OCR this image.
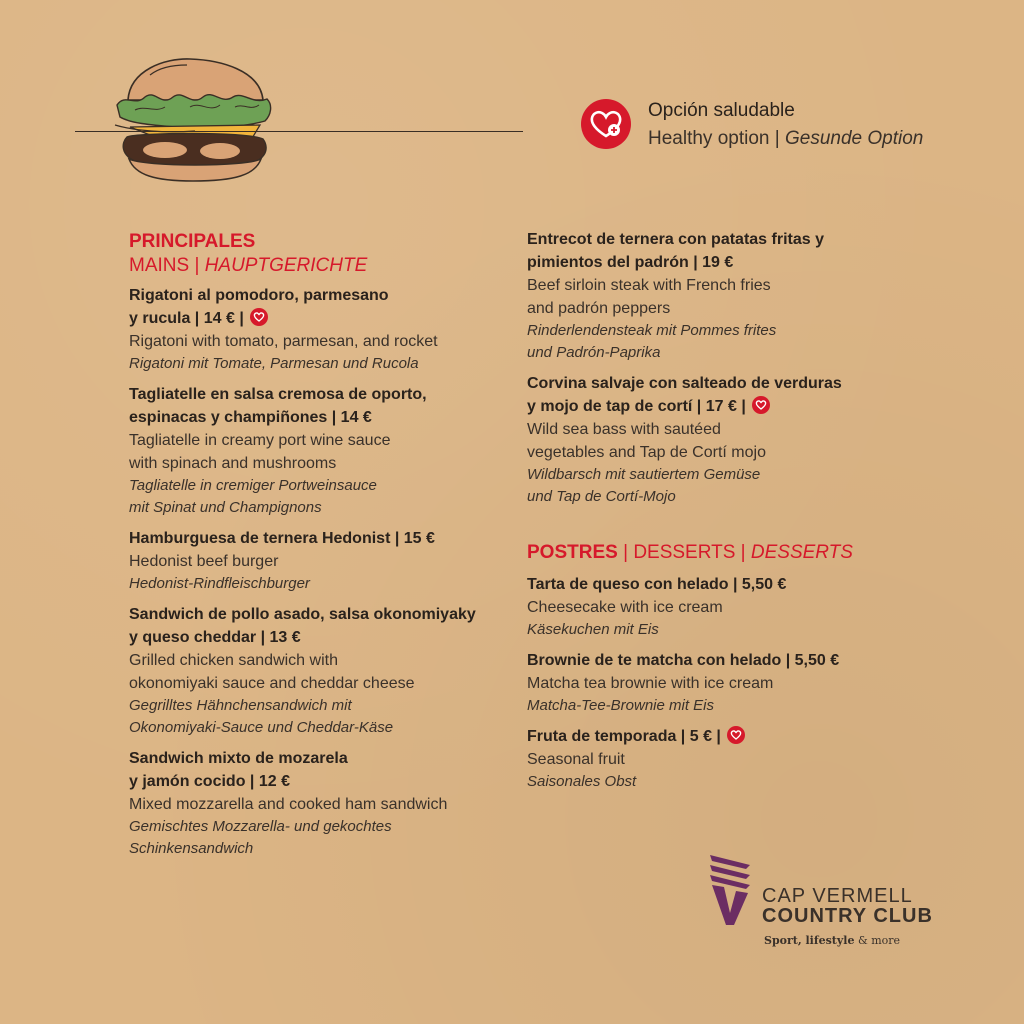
Opción saludable
Healthy option | Gesunde Option
PRINCIPALES
MAINS | HAUPTGERICHTE
Rigatoni al pomodoro, parmesano
y rucula | 14 € |
Rigatoni with tomato, parmesan, and rocket
Rigatoni mit Tomate, Parmesan und Rucola
Tagliatelle en salsa cremosa de oporto,
espinacas y champiñones | 14 €
Tagliatelle in creamy port wine sauce
with spinach and mushrooms
Tagliatelle in cremiger Portweinsauce
mit Spinat und Champignons
Hamburguesa de ternera Hedonist | 15 €
Hedonist beef burger
Hedonist-Rindfleischburger
Sandwich de pollo asado, salsa okonomiyaky
y queso cheddar | 13 €
Grilled chicken sandwich with
okonomiyaki sauce and cheddar cheese
Gegrilltes Hähnchensandwich mit
Okonomiyaki-Sauce und Cheddar-Käse
Sandwich mixto de mozarela
y jamón cocido | 12 €
Mixed mozzarella and cooked ham sandwich
Gemischtes Mozzarella- und gekochtes
Schinkensandwich
Entrecot de ternera con patatas fritas y
pimientos del padrón | 19 €
Beef sirloin steak with French fries
and padrón peppers
Rinderlendensteak mit Pommes frites
und Padrón-Paprika
Corvina salvaje con salteado de verduras
y mojo de tap de cortí | 17 € |
Wild sea bass with sautéed
vegetables and Tap de Cortí mojo
Wildbarsch mit sautiertem Gemüse
und Tap de Cortí-Mojo
POSTRES | DESSERTS | DESSERTS
Tarta de queso con helado | 5,50 €
Cheesecake with ice cream
Käsekuchen mit Eis
Brownie de te matcha con helado | 5,50 €
Matcha tea brownie with ice cream
Matcha-Tee-Brownie mit Eis
Fruta de temporada | 5 € |
Seasonal fruit
Saisonales Obst
CAP VERMELL
COUNTRY CLUB
Sport, lifestyle & more
